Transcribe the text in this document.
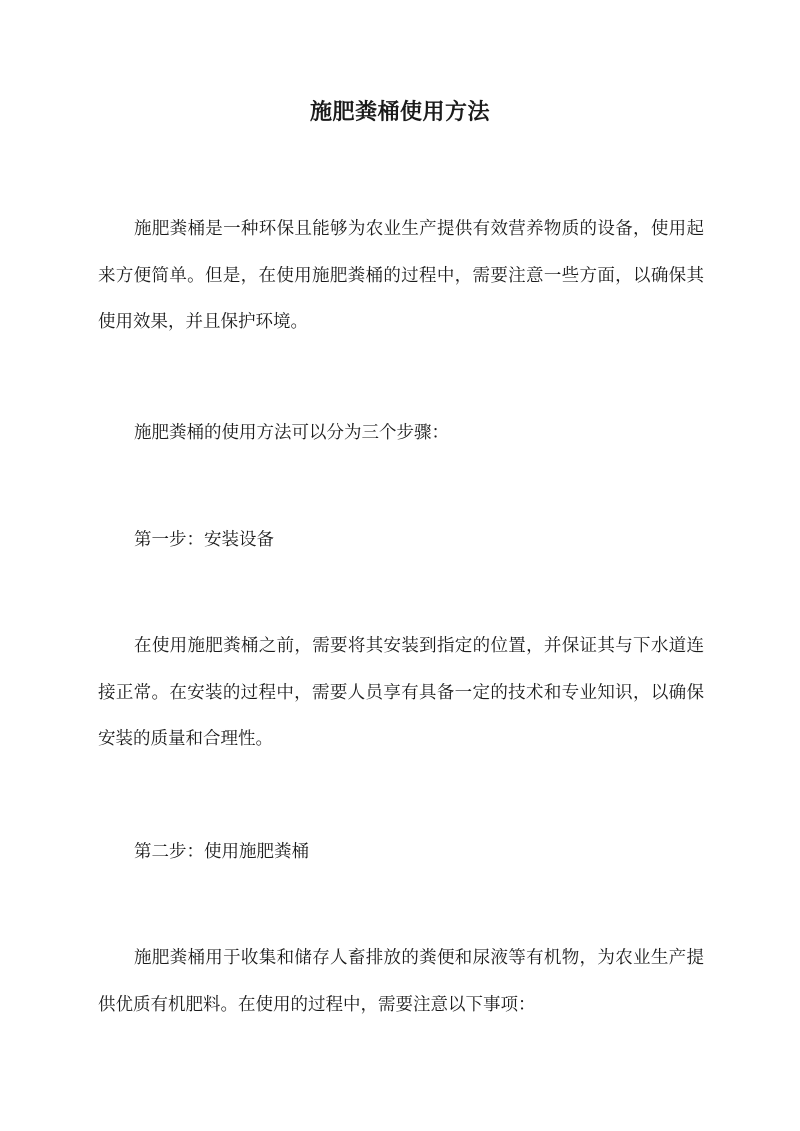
施肥粪桶使用方法

施肥粪桶是一种环保且能够为农业生产提供有效营养物质的设备，使用起来方便简单。但是，在使用施肥粪桶的过程中，需要注意一些方面，以确保其使用效果，并且保护环境。

施肥粪桶的使用方法可以分为三个步骤：

第一步：安装设备

在使用施肥粪桶之前，需要将其安装到指定的位置，并保证其与下水道连接正常。在安装的过程中，需要人员享有具备一定的技术和专业知识，以确保安装的质量和合理性。

第二步：使用施肥粪桶

施肥粪桶用于收集和储存人畜排放的粪便和尿液等有机物，为农业生产提供优质有机肥料。在使用的过程中，需要注意以下事项：
